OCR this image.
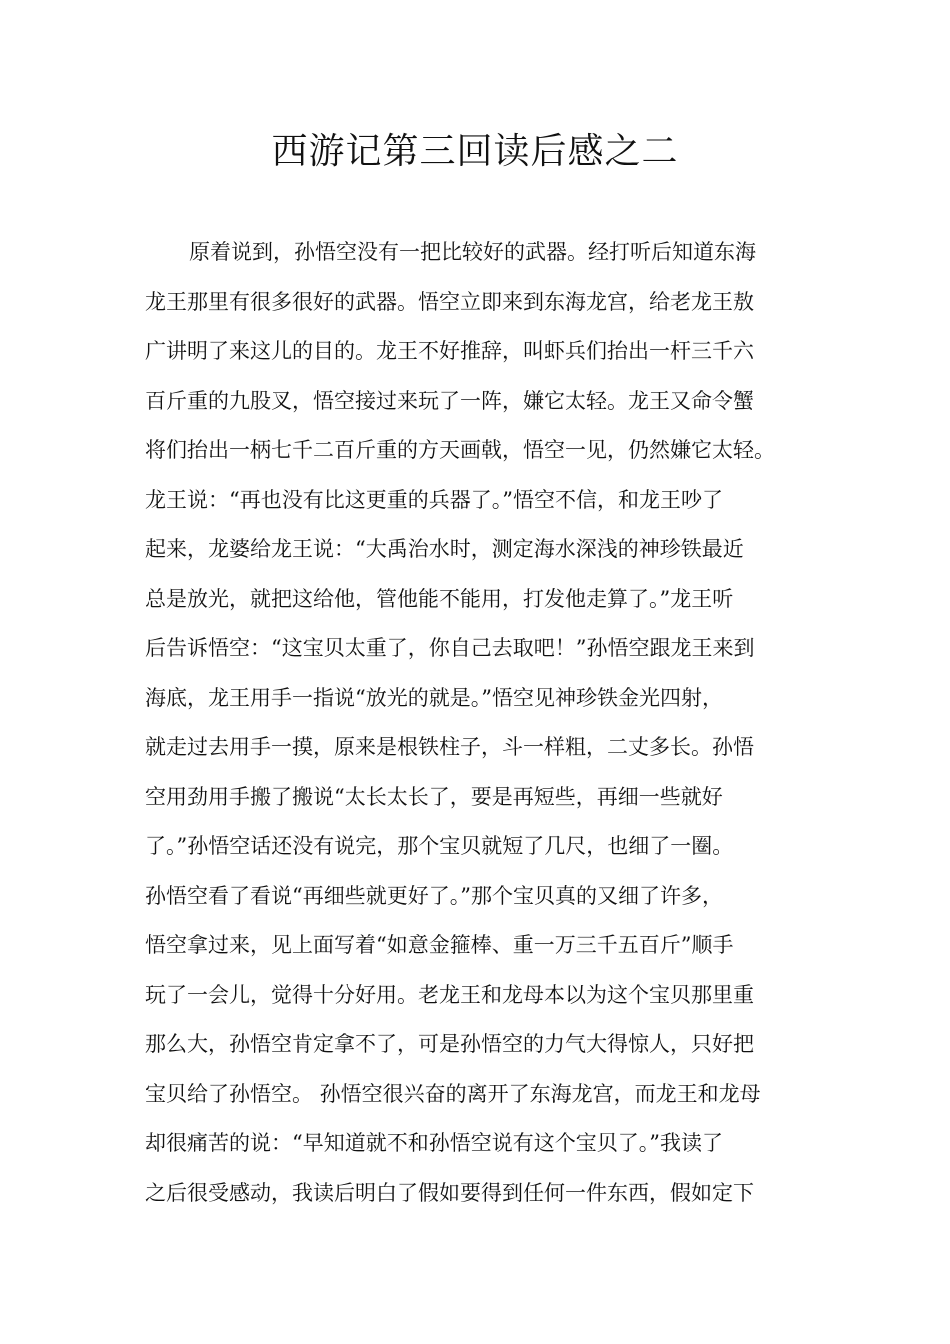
西游记第三回读后感之二
原着说到，孙悟空没有一把比较好的武器。经打听后知道东海
龙王那里有很多很好的武器。悟空立即来到东海龙宫，给老龙王敖
广讲明了来这儿的目的。龙王不好推辞，叫虾兵们抬出一杆三千六
百斤重的九股叉，悟空接过来玩了一阵，嫌它太轻。龙王又命令蟹
将们抬出一柄七千二百斤重的方天画戟，悟空一见，仍然嫌它太轻。
龙王说：“再也没有比这更重的兵器了。”悟空不信，和龙王吵了
起来，龙婆给龙王说：“大禹治水时，测定海水深浅的神珍铁最近
总是放光，就把这给他，管他能不能用，打发他走算了。”龙王听
后告诉悟空：“这宝贝太重了，你自己去取吧！”孙悟空跟龙王来到
海底，龙王用手一指说“放光的就是。”悟空见神珍铁金光四射，
就走过去用手一摸，原来是根铁柱子，斗一样粗，二丈多长。孙悟
空用劲用手搬了搬说“太长太长了，要是再短些，再细一些就好
了。”孙悟空话还没有说完，那个宝贝就短了几尺，也细了一圈。
孙悟空看了看说“再细些就更好了。”那个宝贝真的又细了许多，
悟空拿过来，见上面写着“如意金箍棒、重一万三千五百斤”顺手
玩了一会儿，觉得十分好用。老龙王和龙母本以为这个宝贝那里重
那么大，孙悟空肯定拿不了，可是孙悟空的力气大得惊人，只好把
宝贝给了孙悟空。 孙悟空很兴奋的离开了东海龙宫，而龙王和龙母
却很痛苦的说：“早知道就不和孙悟空说有这个宝贝了。”我读了
之后很受感动，我读后明白了假如要得到任何一件东西，假如定下
